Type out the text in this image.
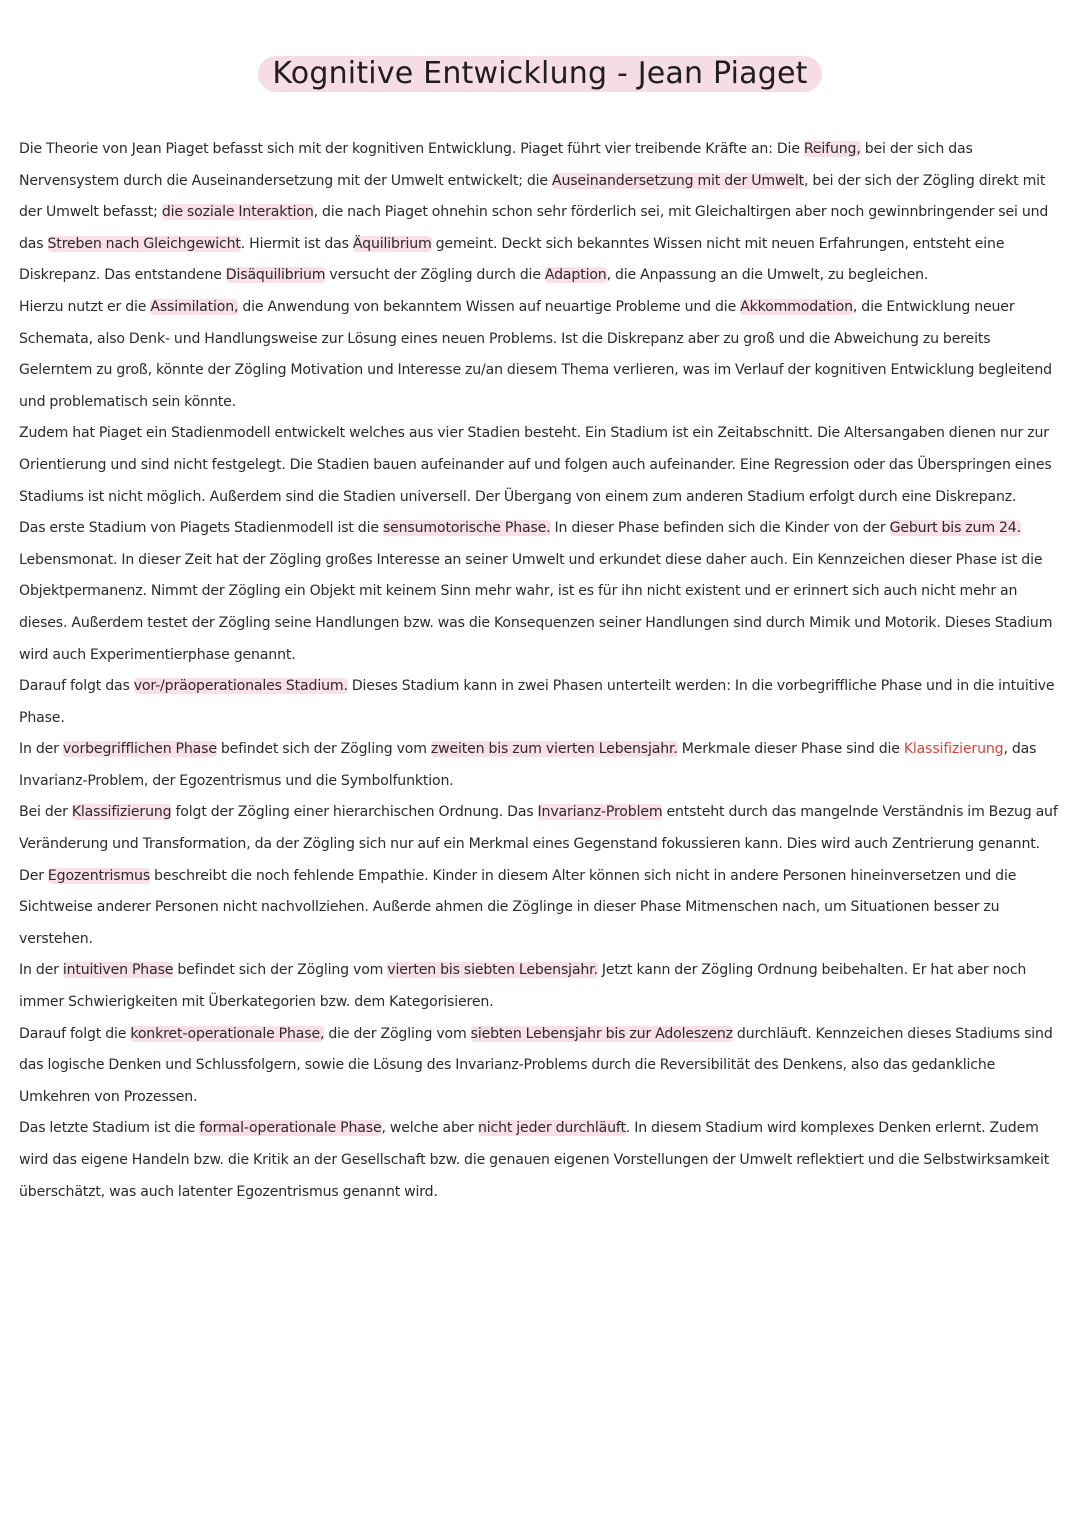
Kognitive Entwicklung - Jean Piaget

Die Theorie von Jean Piaget befasst sich mit der kognitiven Entwicklung. Piaget führt vier treibende Kräfte an: Die Reifung, bei der sich das Nervensystem durch die Auseinandersetzung mit der Umwelt entwickelt; die Auseinandersetzung mit der Umwelt, bei der sich der Zögling direkt mit der Umwelt befasst; die soziale Interaktion, die nach Piaget ohnehin schon sehr förderlich sei, mit Gleichaltirgen aber noch gewinnbringender sei und das Streben nach Gleichgewicht. Hiermit ist das Äquilibrium gemeint. Deckt sich bekanntes Wissen nicht mit neuen Erfahrungen, entsteht eine Diskrepanz. Das entstandene Disäquilibrium versucht der Zögling durch die Adaption, die Anpassung an die Umwelt, zu begleichen.

Hierzu nutzt er die Assimilation, die Anwendung von bekanntem Wissen auf neuartige Probleme und die Akkommodation, die Entwicklung neuer Schemata, also Denk- und Handlungsweise zur Lösung eines neuen Problems. Ist die Diskrepanz aber zu groß und die Abweichung zu bereits Gelerntem zu groß, könnte der Zögling Motivation und Interesse zu/an diesem Thema verlieren, was im Verlauf der kognitiven Entwicklung begleitend und problematisch sein könnte.

Zudem hat Piaget ein Stadienmodell entwickelt welches aus vier Stadien besteht. Ein Stadium ist ein Zeitabschnitt. Die Altersangaben dienen nur zur Orientierung und sind nicht festgelegt. Die Stadien bauen aufeinander auf und folgen auch aufeinander. Eine Regression oder das Überspringen eines Stadiums ist nicht möglich. Außerdem sind die Stadien universell. Der Übergang von einem zum anderen Stadium erfolgt durch eine Diskrepanz.

Das erste Stadium von Piagets Stadienmodell ist die sensumotorische Phase. In dieser Phase befinden sich die Kinder von der Geburt bis zum 24. Lebensmonat. In dieser Zeit hat der Zögling großes Interesse an seiner Umwelt und erkundet diese daher auch. Ein Kennzeichen dieser Phase ist die Objektpermanenz. Nimmt der Zögling ein Objekt mit keinem Sinn mehr wahr, ist es für ihn nicht existent und er erinnert sich auch nicht mehr an dieses. Außerdem testet der Zögling seine Handlungen bzw. was die Konsequenzen seiner Handlungen sind durch Mimik und Motorik. Dieses Stadium wird auch Experimentierphase genannt.

Darauf folgt das vor-/präoperationales Stadium. Dieses Stadium kann in zwei Phasen unterteilt werden: In die vorbegriffliche Phase und in die intuitive Phase.

In der vorbegrifflichen Phase befindet sich der Zögling vom zweiten bis zum vierten Lebensjahr. Merkmale dieser Phase sind die Klassifizierung, das Invarianz-Problem, der Egozentrismus und die Symbolfunktion.

Bei der Klassifizierung folgt der Zögling einer hierarchischen Ordnung. Das Invarianz-Problem entsteht durch das mangelnde Verständnis im Bezug auf Veränderung und Transformation, da der Zögling sich nur auf ein Merkmal eines Gegenstand fokussieren kann. Dies wird auch Zentrierung genannt. Der Egozentrismus beschreibt die noch fehlende Empathie. Kinder in diesem Alter können sich nicht in andere Personen hineinversetzen und die Sichtweise anderer Personen nicht nachvollziehen. Außerde ahmen die Zöglinge in dieser Phase Mitmenschen nach, um Situationen besser zu verstehen.

In der intuitiven Phase befindet sich der Zögling vom vierten bis siebten Lebensjahr. Jetzt kann der Zögling Ordnung beibehalten. Er hat aber noch immer Schwierigkeiten mit Überkategorien bzw. dem Kategorisieren.

Darauf folgt die konkret-operationale Phase, die der Zögling vom siebten Lebensjahr bis zur Adoleszenz durchläuft. Kennzeichen dieses Stadiums sind das logische Denken und Schlussfolgern, sowie die Lösung des Invarianz-Problems durch die Reversibilität des Denkens, also das gedankliche Umkehren von Prozessen.

Das letzte Stadium ist die formal-operationale Phase, welche aber nicht jeder durchläuft. In diesem Stadium wird komplexes Denken erlernt. Zudem wird das eigene Handeln bzw. die Kritik an der Gesellschaft bzw. die genauen eigenen Vorstellungen der Umwelt reflektiert und die Selbstwirksamkeit überschätzt, was auch latenter Egozentrismus genannt wird.
